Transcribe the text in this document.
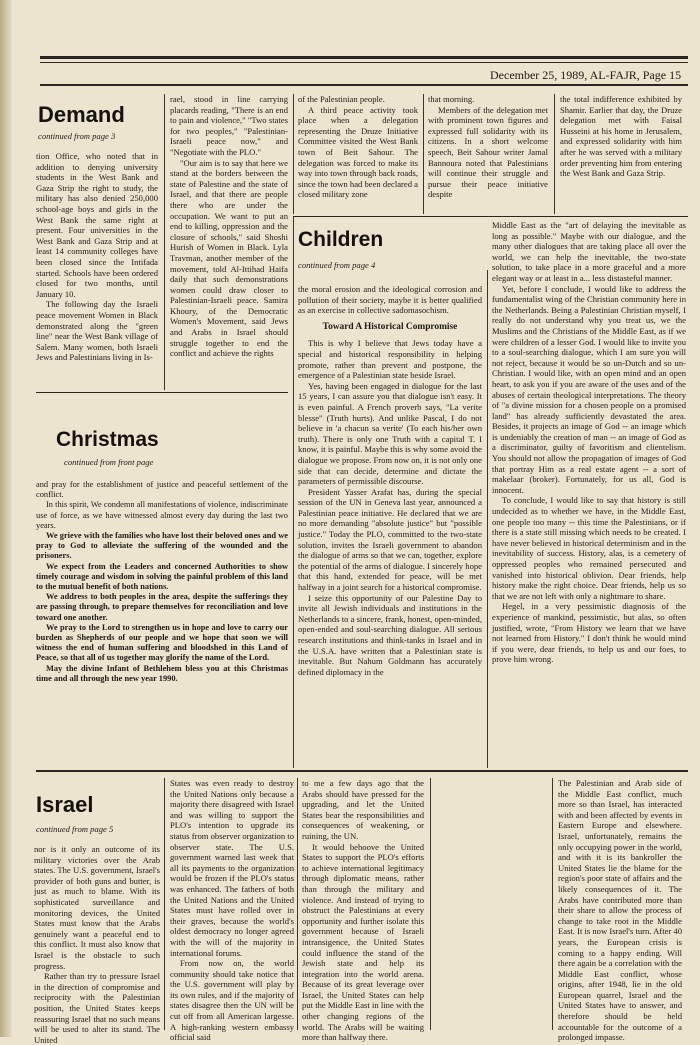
December 25, 1989, AL-FAJR, Page 15
Demand
continued from page 3

tion Office, who noted that in addition to denying university students in the West Bank and Gaza Strip the right to study, the military has also denied 250,000 school-age boys and girls in the West Bank the same right at present. Four universities in the West Bank and Gaza Strip and at least 14 community colleges have been closed since the Intifada started. Schools have been ordered closed for two months, until January 10.

The following day the Israeli peace movement Women in Black demonstrated along the "green line" near the West Bank village of Salem. Many women, both Israeli Jews and Palestinians living in Is-

rael, stood in line carrying placards reading, "There is an end to pain and violence," "Two states for two peoples," "Palestinian-Israeli peace now," and "Negotiate with the PLO."

"Our aim is to say that here we stand at the borders between the state of Palestine and the state of Israel, and that there are people there who are under the occupation. We want to put an end to killing, oppression and the closure of schools," said Shoshi Hurish of Women in Black. Lyla Travman, another member of the movement, told Al-Ittihad Haifa daily that such demonstrations women could draw closer to Palestinian-Israeli peace. Samira Khoury, of the Democratic Women's Movement, said Jews and Arabs in Israel should struggle together to end the conflict and achieve the rights

of the Palestinian people.

A third peace activity took place when a delegation representing the Druze Initiative Committee visited the West Bank town of Beit Sahour. The delegation was forced to make its way into town through back roads, since the town had been declared a closed military zone

that morning.

Members of the delegation met with prominent town figures and expressed full solidarity with its citizens. In a short welcome speech, Beit Sahour writer Jamal Bannoura noted that Palestinians will continue their struggle and pursue their peace initiative despite

the total indifference exhibited by Shamir. Earlier that day, the Druze delegation met with Faisal Husseini at his home in Jerusalem, and expressed solidarity with him after he was served with a military order preventing him from entering the West Bank and Gaza Strip.

Christmas
continued from front page

and pray for the establishment of justice and peaceful settlement of the conflict.

In this spirit, We condemn all manifestations of violence, indiscriminate use of force, as we have witnessed almost every day during the last two years.

We grieve with the families who have lost their beloved ones and we pray to God to alleviate the suffering of the wounded and the prisoners.

We expect from the Leaders and concerned Authorities to show timely courage and wisdom in solving the painful problem of this land to the mutual benefit of both nations.

We address to both peoples in the area, despite the sufferings they are passing through, to prepare themselves for reconciliation and love toward one another.

We pray to the Lord to strengthen us in hope and love to carry our burden as Shepherds of our people and we hope that soon we will witness the end of human suffering and bloodshed in this Land of Peace, so that all of us together may glorify the name of the Lord.

May the divine Infant of Bethlehem bless you at this Christmas time and all through the new year 1990.

Children
continued from page 4

the moral erosion and the ideological corrosion and pollution of their society, maybe it is better qualified as an exercise in collective sadomasochism.

Toward A Historical Compromise

This is why I believe that Jews today have a special and historical responsibility in helping promote, rather than prevent and postpone, the emergence of a Palestinian state beside Israel.

Yes, having been engaged in dialogue for the last 15 years, I can assure you that dialogue isn't easy. It is even painful. A French proverb says, "La verite blesse" (Truth hurts). And unlike Pascal, I do not believe in 'a chacun sa verite' (To each his/her own truth). There is only one Truth with a capital T. I know, it is painful. Maybe this is why some avoid the dialogue we propose. From now on, it is not only one side that can decide, determine and dictate the parameters of permissible discourse.

President Yasser Arafat has, during the special session of the UN in Geneva last year, announced a Palestinian peace initiative. He declared that we are no more demanding "absolute justice" but "possible justice." Today the PLO, committed to the two-state solution, invites the Israeli government to abandon the dialogue of arms so that we can, together, explore the potential of the arms of dialogue. I sincerely hope that this hand, extended for peace, will be met halfway in a joint search for a historical compromise.

I seize this opportunity of our Palestine Day to invite all Jewish individuals and institutions in the Netherlands to a sincere, frank, honest, open-minded, open-ended and soul-searching dialogue. All serious research institutions and think-tanks in Israel and in the U.S.A. have written that a Palestinian state is inevitable. But Nahum Goldmann has accurately defined diplomacy in the

Middle East as the "art of delaying the inevitable as long as possible." Maybe with our dialogue, and the many other dialogues that are taking place all over the world, we can help the inevitable, the two-state solution, to take place in a more graceful and a more elegant way or at least in a... less distasteful manner.

Yet, before I conclude, I would like to address the fundamentalist wing of the Christian community here in the Netherlands. Being a Palestinian Christian myself, I really do not understand why you treat us, we the Muslims and the Christians of the Middle East, as if we were children of a lesser God. I would like to invite you to a soul-searching dialogue, which I am sure you will not reject, because it would be so un-Dutch and so un-Christian. I would like, with an open mind and an open heart, to ask you if you are aware of the uses and of the abuses of certain theological interpretations. The theory of "a divine mission for a chosen people on a promised land" has already sufficiently devastated the area. Besides, it projects an image of God -- an image which is undeniably the creation of man -- an image of God as a discriminator, guilty of favoritism and clientelism. You should not allow the propagation of images of God that portray Him as a real estate agent -- a sort of makelaar (broker). Fortunately, for us all, God is innocent.

To conclude, I would like to say that history is still undecided as to whether we have, in the Middle East, one people too many -- this time the Palestinians, or if there is a state still missing which needs to be created. I have never believed in historical determinism and in the inevitability of success. History, alas, is a cemetery of oppressed peoples who remained persecuted and vanished into historical oblivion. Dear friends, help history make the right choice. Dear friends, help us so that we are not left with only a nightmare to share.

Hegel, in a very pessimistic diagnosis of the experience of mankind, pessimistic, but alas, so often justified, wrote, "From History we learn that we have not learned from History." I don't think he would mind if you were, dear friends, to help us and our foes, to prove him wrong.

Israel
continued from page 5

nor is it only an outcome of its military victories over the Arab states. The U.S. government, Israel's provider of both guns and butter, is just as much to blame. With its sophisticated surveillance and monitoring devices, the United States must know that the Arabs genuinely want a peaceful end to this conflict. It must also know that Israel is the obstacle to such progress.

Rather than try to pressure Israel in the direction of compromise and reciprocity with the Palestinian position, the United States keeps reassuring Israel that no such means will be used to alter its stand. The United

States was even ready to destroy the United Nations only because a majority there disagreed with Israel and was willing to support the PLO's intention to upgrade its status from observer organization to observer state. The U.S. government warned last week that all its payments to the organization would be frozen if the PLO's status was enhanced. The fathers of both the United Nations and the United States must have rolled over in their graves, because the world's oldest democracy no longer agreed with the will of the majority in international forums.

From now on, the world community should take notice that the U.S. government will play by its own rules, and if the majority of states disagree then the UN will be cut off from all American largesse. A high-ranking western embassy official said

to me a few days ago that the Arabs should have pressed for the upgrading, and let the United States bear the responsibilities and consequences of weakening, or ruining, the UN.

It would behoove the United States to support the PLO's efforts to achieve international legitimacy through diplomatic means, rather than through the military and violence. And instead of trying to obstruct the Palestinians at every opportunity and further isolate this government because of Israeli intransigence, the United States could influence the stand of the Jewish state and help its integration into the world arena. Because of its great leverage over Israel, the United States can help put the Middle East in line with the other changing regions of the world. The Arabs will be waiting more than halfway there.

The Palestinian and Arab side of the Middle East conflict, much more so than Israel, has interacted with and been affected by events in Eastern Europe and elsewhere. Israel, unfortunately, remains the only occupying power in the world, and with it is its bankroller the United States lie the blame for the region's poor state of affairs and the likely consequences of it. The Arabs have contributed more than their share to allow the process of change to take root in the Middle East. It is now Israel's turn. After 40 years, the European crisis is coming to a happy ending. Will there again be a correlation with the Middle East conflict, whose origins, after 1948, lie in the old European quarrel, Israel and the United States have to answer, and therefore should be held accountable for the outcome of a prolonged impasse.
